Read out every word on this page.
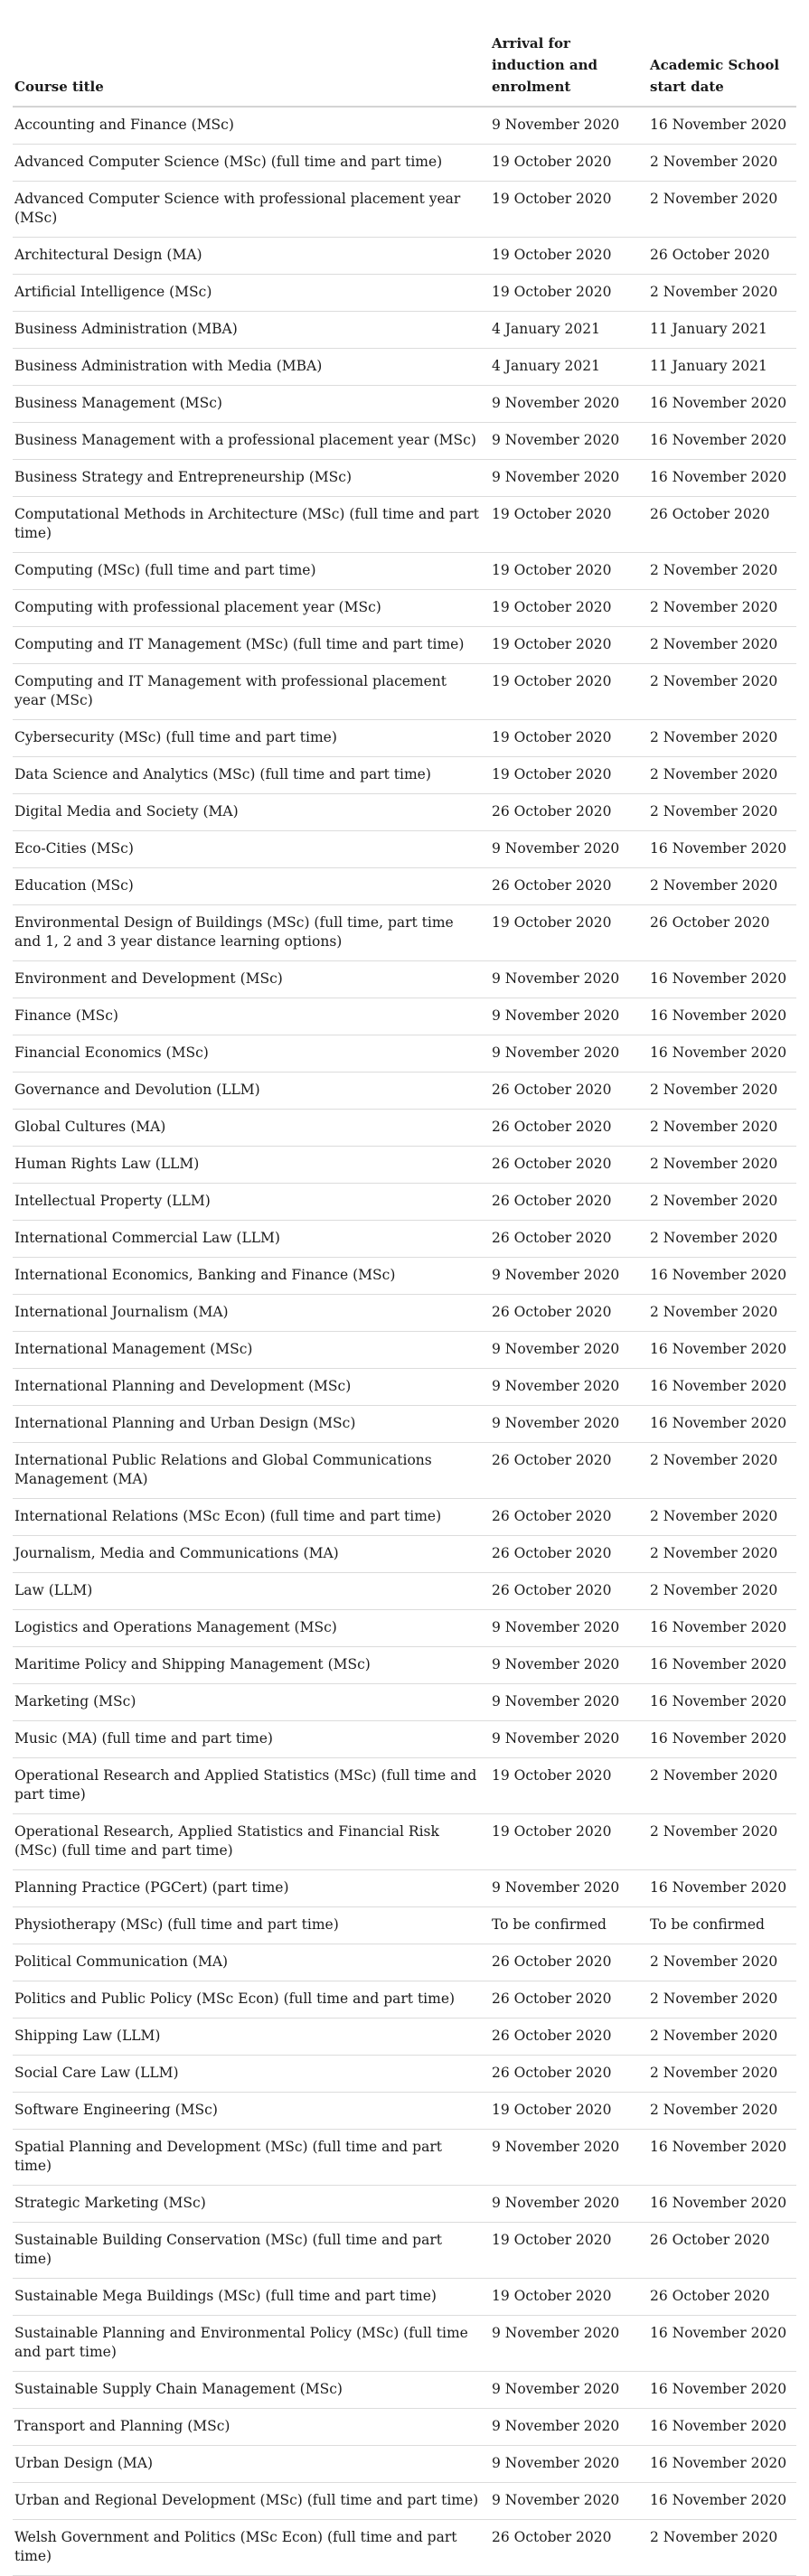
Course title	Arrival for induction and enrolment	Academic School start date
Accounting and Finance (MSc)	9 November 2020	16 November 2020
Advanced Computer Science (MSc) (full time and part time)	19 October 2020	2 November 2020
Advanced Computer Science with professional placement year (MSc)	19 October 2020	2 November 2020
Architectural Design (MA)	19 October 2020	26 October 2020
Artificial Intelligence (MSc)	19 October 2020	2 November 2020
Business Administration (MBA)	4 January 2021	11 January 2021
Business Administration with Media (MBA)	4 January 2021	11 January 2021
Business Management (MSc)	9 November 2020	16 November 2020
Business Management with a professional placement year (MSc)	9 November 2020	16 November 2020
Business Strategy and Entrepreneurship (MSc)	9 November 2020	16 November 2020
Computational Methods in Architecture (MSc) (full time and part time)	19 October 2020	26 October 2020
Computing (MSc) (full time and part time)	19 October 2020	2 November 2020
Computing with professional placement year (MSc)	19 October 2020	2 November 2020
Computing and IT Management (MSc) (full time and part time)	19 October 2020	2 November 2020
Computing and IT Management with professional placement year (MSc)	19 October 2020	2 November 2020
Cybersecurity (MSc) (full time and part time)	19 October 2020	2 November 2020
Data Science and Analytics (MSc) (full time and part time)	19 October 2020	2 November 2020
Digital Media and Society (MA)	26 October 2020	2 November 2020
Eco-Cities (MSc)	9 November 2020	16 November 2020
Education (MSc)	26 October 2020	2 November 2020
Environmental Design of Buildings (MSc) (full time, part time and 1, 2 and 3 year distance learning options)	19 October 2020	26 October 2020
Environment and Development (MSc)	9 November 2020	16 November 2020
Finance (MSc)	9 November 2020	16 November 2020
Financial Economics (MSc)	9 November 2020	16 November 2020
Governance and Devolution (LLM)	26 October 2020	2 November 2020
Global Cultures (MA)	26 October 2020	2 November 2020
Human Rights Law (LLM)	26 October 2020	2 November 2020
Intellectual Property (LLM)	26 October 2020	2 November 2020
International Commercial Law (LLM)	26 October 2020	2 November 2020
International Economics, Banking and Finance (MSc)	9 November 2020	16 November 2020
International Journalism (MA)	26 October 2020	2 November 2020
International Management (MSc)	9 November 2020	16 November 2020
International Planning and Development (MSc)	9 November 2020	16 November 2020
International Planning and Urban Design (MSc)	9 November 2020	16 November 2020
International Public Relations and Global Communications Management (MA)	26 October 2020	2 November 2020
International Relations (MSc Econ) (full time and part time)	26 October 2020	2 November 2020
Journalism, Media and Communications (MA)	26 October 2020	2 November 2020
Law (LLM)	26 October 2020	2 November 2020
Logistics and Operations Management (MSc)	9 November 2020	16 November 2020
Maritime Policy and Shipping Management (MSc)	9 November 2020	16 November 2020
Marketing (MSc)	9 November 2020	16 November 2020
Music (MA) (full time and part time)	9 November 2020	16 November 2020
Operational Research and Applied Statistics (MSc) (full time and part time)	19 October 2020	2 November 2020
Operational Research, Applied Statistics and Financial Risk (MSc) (full time and part time)	19 October 2020	2 November 2020
Planning Practice (PGCert) (part time)	9 November 2020	16 November 2020
Physiotherapy (MSc) (full time and part time)	To be confirmed	To be confirmed
Political Communication (MA)	26 October 2020	2 November 2020
Politics and Public Policy (MSc Econ) (full time and part time)	26 October 2020	2 November 2020
Shipping Law (LLM)	26 October 2020	2 November 2020
Social Care Law (LLM)	26 October 2020	2 November 2020
Software Engineering (MSc)	19 October 2020	2 November 2020
Spatial Planning and Development (MSc) (full time and part time)	9 November 2020	16 November 2020
Strategic Marketing (MSc)	9 November 2020	16 November 2020
Sustainable Building Conservation (MSc) (full time and part time)	19 October 2020	26 October 2020
Sustainable Mega Buildings (MSc) (full time and part time)	19 October 2020	26 October 2020
Sustainable Planning and Environmental Policy (MSc) (full time and part time)	9 November 2020	16 November 2020
Sustainable Supply Chain Management (MSc)	9 November 2020	16 November 2020
Transport and Planning (MSc)	9 November 2020	16 November 2020
Urban Design (MA)	9 November 2020	16 November 2020
Urban and Regional Development (MSc) (full time and part time)	9 November 2020	16 November 2020
Welsh Government and Politics (MSc Econ) (full time and part time)	26 October 2020	2 November 2020
